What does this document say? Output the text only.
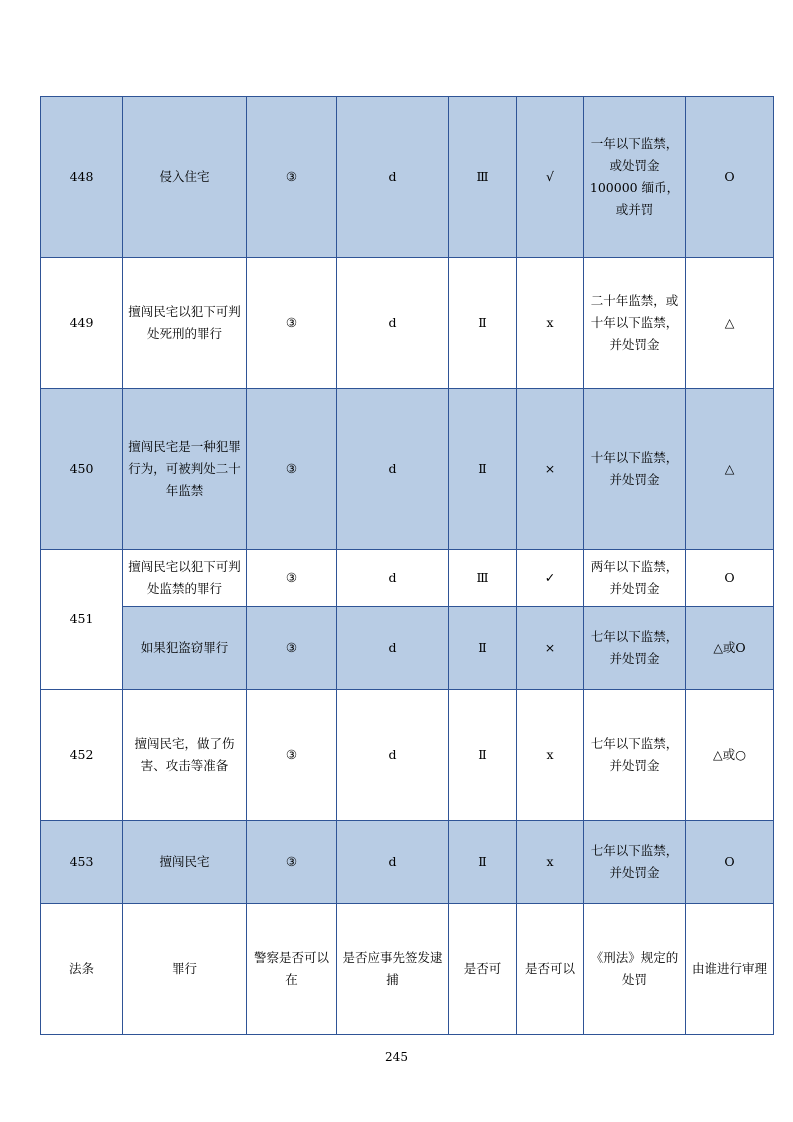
448	侵入住宅	③	d	Ⅲ	√	一年以下监禁，或处罚金100000 缅币，或并罚	O

449	擅闯民宅以犯下可判处死刑的罪行	③	d	Ⅱ	x	二十年监禁，或十年以下监禁，并处罚金	△

450	擅闯民宅是一种犯罪行为，可被判处二十年监禁	③	d	Ⅱ	×	十年以下监禁，并处罚金	△

451	擅闯民宅以犯下可判处监禁的罪行	③	d	Ⅲ	✓	两年以下监禁，并处罚金	O

	如果犯盗窃罪行	③	d	Ⅱ	×	七年以下监禁，并处罚金	△或O

452	擅闯民宅，做了伤害、攻击等准备	③	d	Ⅱ	x	七年以下监禁，并处罚金	△或○

453	擅闯民宅	③	d	Ⅱ	x	七年以下监禁，并处罚金	O

法条	罪行	警察是否可以在	是否应事先签发逮捕	是否可	是否可以	《刑法》规定的处罚	由谁进行审理
245
